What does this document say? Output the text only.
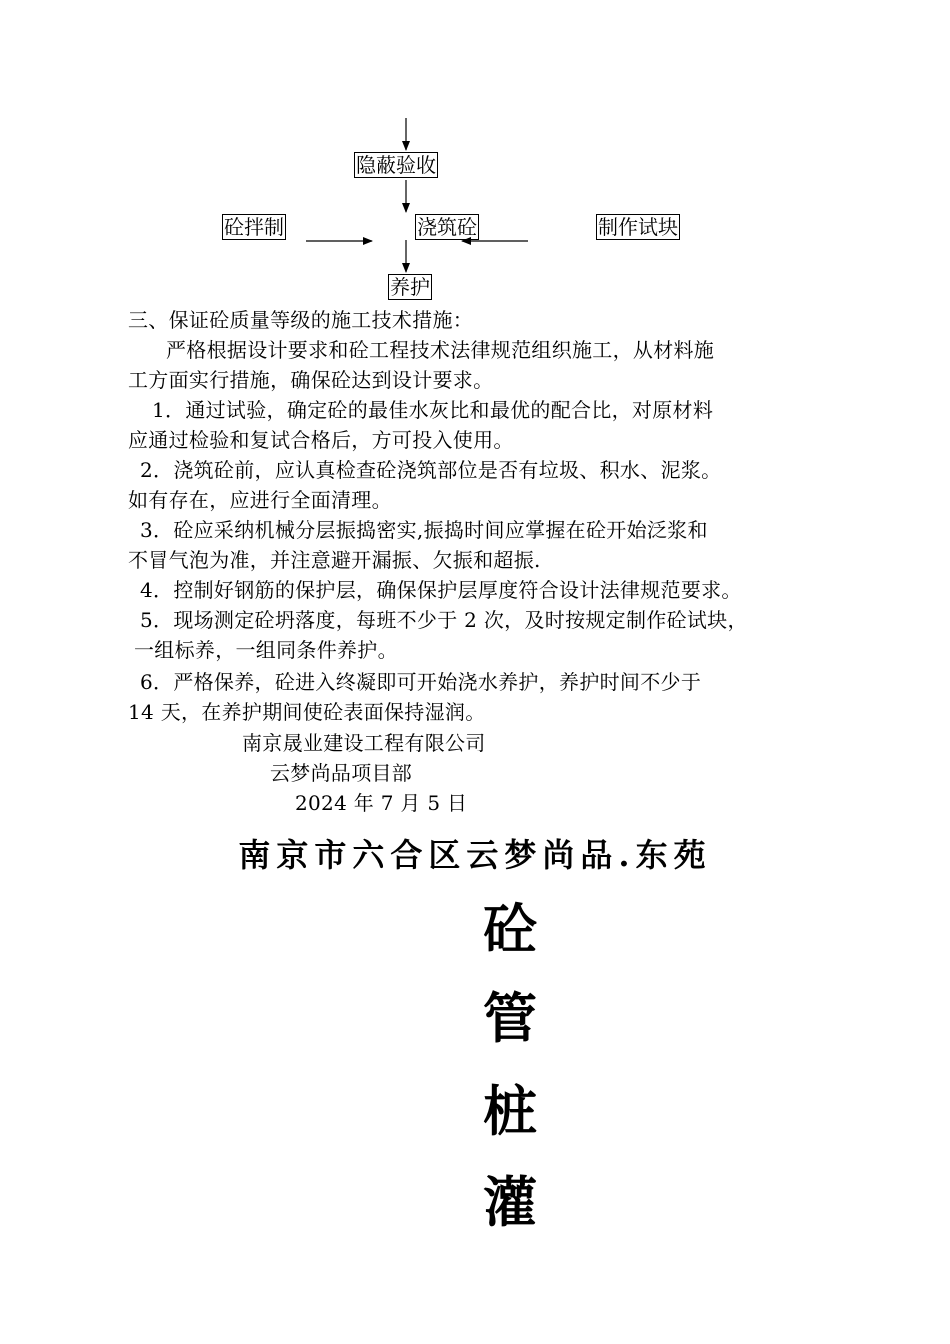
隐蔽验收
砼拌制	浇筑砼	制作试块
养护
三、保证砼质量等级的施工技术措施：
严格根据设计要求和砼工程技术法律规范组织施工，从材料施
工方面实行措施，确保砼达到设计要求。
1．通过试验，确定砼的最佳水灰比和最优的配合比，对原材料
应通过检验和复试合格后，方可投入使用。
2．浇筑砼前，应认真检查砼浇筑部位是否有垃圾、积水、泥浆。
如有存在，应进行全面清理。
3．砼应采纳机械分层振捣密实,振捣时间应掌握在砼开始泛浆和
不冒气泡为准，并注意避开漏振、欠振和超振.
4．控制好钢筋的保护层，确保保护层厚度符合设计法律规范要求。
5．现场测定砼坍落度，每班不少于 2 次，及时按规定制作砼试块，
一组标养，一组同条件养护。
6．严格保养，砼进入终凝即可开始浇水养护，养护时间不少于
14 天，在养护期间使砼表面保持湿润。
南京晟业建设工程有限公司
云梦尚品项目部
2024 年 7 月 5 日
南京市六合区云梦尚品.东苑
砼
管
桩
灌
